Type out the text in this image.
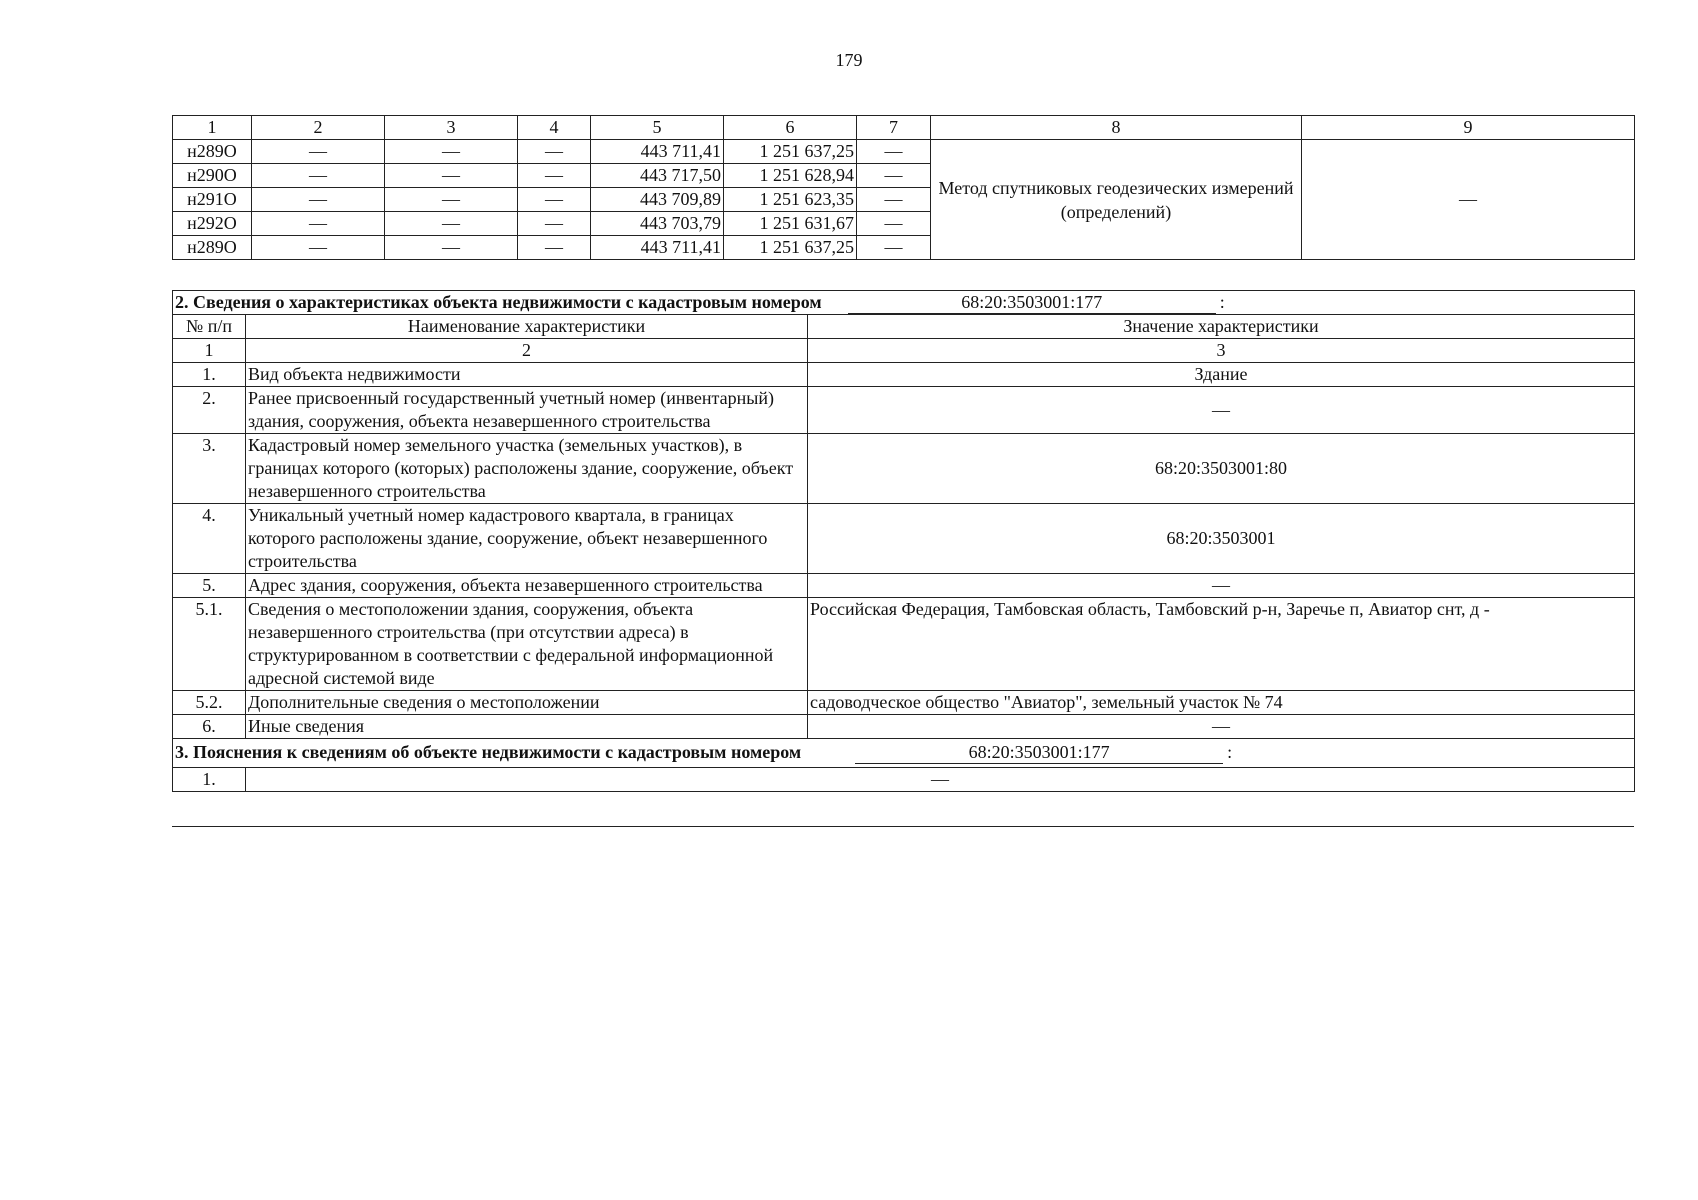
179
1	2	3	4	5	6	7	8	9
н289О	—	—	—	443 711,41	1 251 637,25	—	Метод спутниковых геодезических измерений (определений)	—
н290О	—	—	—	443 717,50	1 251 628,94	—		
н291О	—	—	—	443 709,89	1 251 623,35	—		
н292О	—	—	—	443 703,79	1 251 631,67	—		
н289О	—	—	—	443 711,41	1 251 637,25	—		
2. Сведения о характеристиках объекта недвижимости с кадастровым номером 68:20:3503001:177 :		
№ п/п	Наименование характеристики	Значение характеристики
1	2	3
1.	Вид объекта недвижимости	Здание
2.	Ранее присвоенный государственный учетный номер (инвентарный) здания, сооружения, объекта незавершенного строительства	—
3.	Кадастровый номер земельного участка (земельных участков), в границах которого (которых) расположены здание, сооружение, объект незавершенного строительства	68:20:3503001:80
4.	Уникальный учетный номер кадастрового квартала, в границах которого расположены здание, сооружение, объект незавершенного строительства	68:20:3503001
5.	Адрес здания, сооружения, объекта незавершенного строительства	—
5.1.	Сведения о местоположении здания, сооружения, объекта незавершенного строительства (при отсутствии адреса) в структурированном в соответствии с федеральной информационной адресной системой виде	Российская Федерация, Тамбовская область, Тамбовский р-н, Заречье п, Авиатор снт, д -
5.2.	Дополнительные сведения о местоположении	садоводческое общество "Авиатор", земельный участок № 74
6.	Иные сведения	—
3. Пояснения к сведениям об объекте недвижимости с кадастровым номером 68:20:3503001:177 :		
1.	—	
